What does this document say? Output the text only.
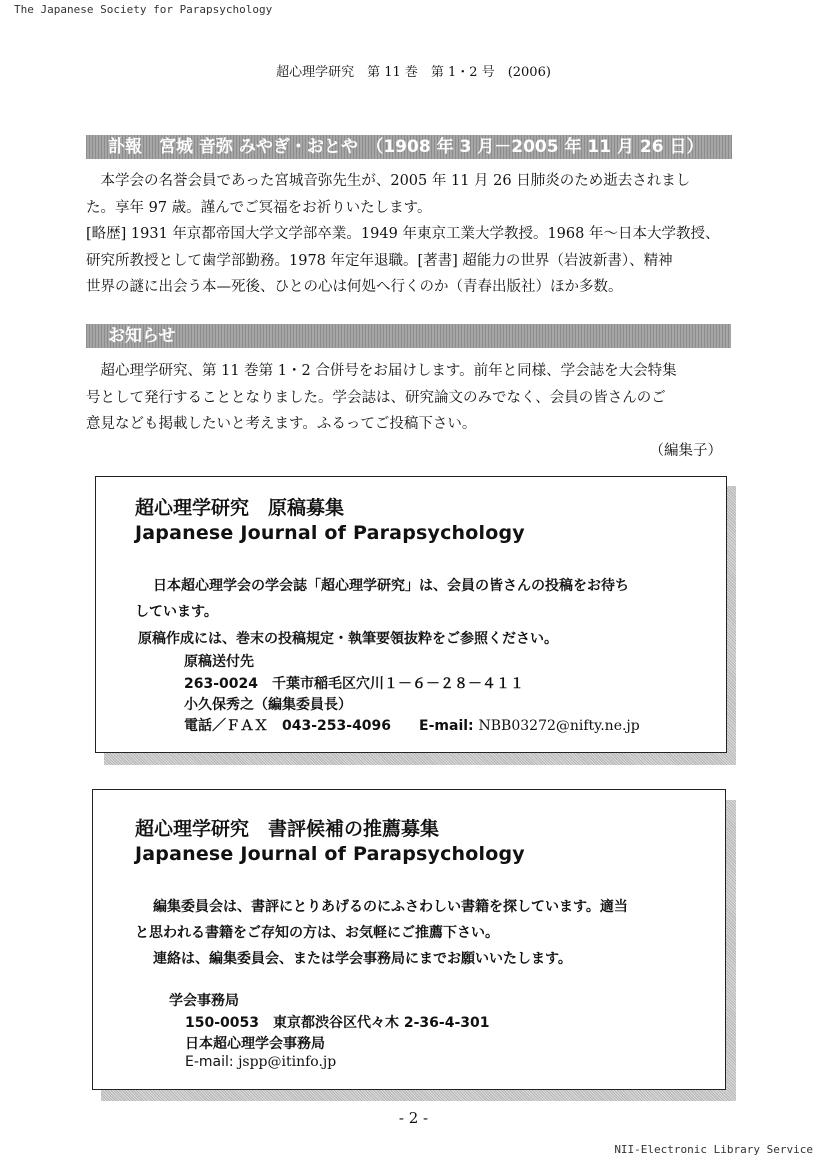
The Japanese Society for Parapsychology
超心理学研究　第 11 巻　第 1・2 号　(2006)
訃報　宮城 音弥 みやぎ・おとや　（1908 年 3 月－2005 年 11 月 26 日）

本学会の名誉会員であった宮城音弥先生が、2005 年 11 月 26 日肺炎のため逝去されまし

た。享年 97 歳。謹んでご冥福をお祈りいたします。

[略歴] 1931 年京都帝国大学文学部卒業。1949 年東京工業大学教授。1968 年～日本大学教授、

研究所教授として歯学部勤務。1978 年定年退職。[著書] 超能力の世界（岩波新書）、精神

世界の謎に出会う本—死後、ひとの心は何処へ行くのか（青春出版社）ほか多数。

お知らせ

超心理学研究、第 11 巻第 1・2 合併号をお届けします。前年と同様、学会誌を大会特集

号として発行することとなりました。学会誌は、研究論文のみでなく、会員の皆さんのご

意見なども掲載したいと考えます。ふるってご投稿下さい。

（編集子）
超心理学研究　原稿募集
Japanese Journal of Parapsychology
日本超心理学会の学会誌「超心理学研究」は、会員の皆さんの投稿をお待ち
しています。
原稿作成には、巻末の投稿規定・執筆要領抜粋をご参照ください。
原稿送付先
263-0024　千葉市稲毛区穴川１－６－２８－４１１
小久保秀之（編集委員長）
電話／ＦＡＸ　043-253-4096　　E-mail: NBB03272@nifty.ne.jp
超心理学研究　書評候補の推薦募集
Japanese Journal of Parapsychology
編集委員会は、書評にとりあげるのにふさわしい書籍を探しています。適当
と思われる書籍をご存知の方は、お気軽にご推薦下さい。
連絡は、編集委員会、または学会事務局にまでお願いいたします。
学会事務局
150-0053　東京都渋谷区代々木 2-36-4-301
日本超心理学会事務局
E-mail: jspp@itinfo.jp
- 2 -
NII-Electronic Library Service
